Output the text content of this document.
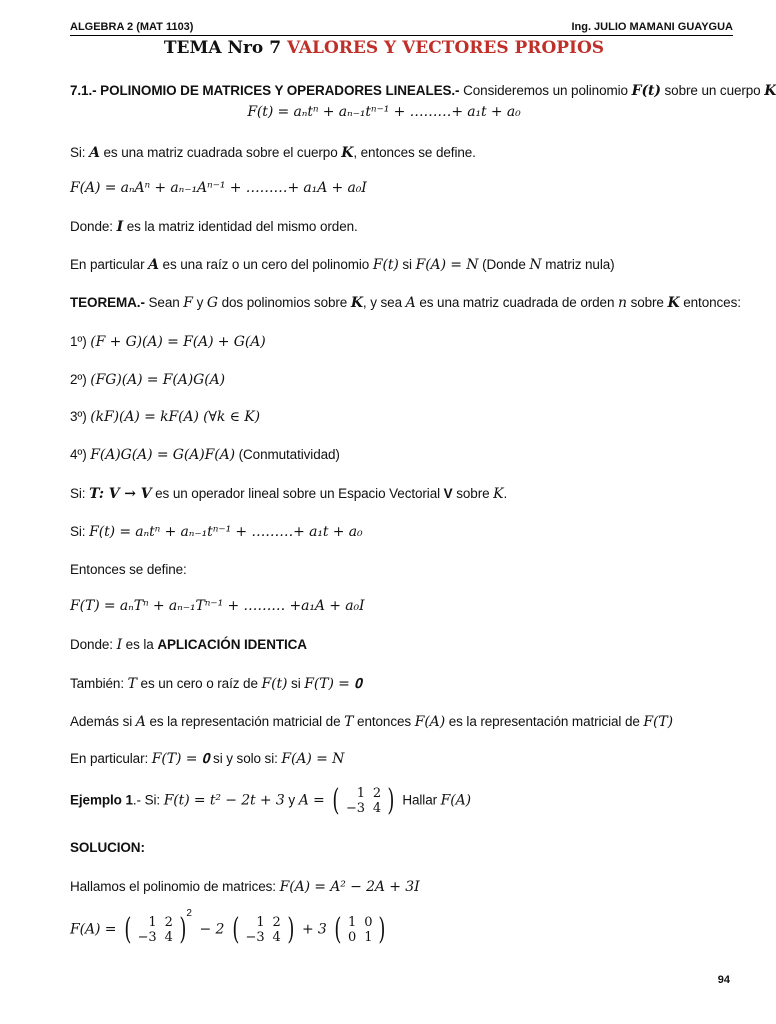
ALGEBRA 2 (MAT 1103)	Ing. JULIO MAMANI GUAYGUA
TEMA Nro 7 VALORES Y VECTORES PROPIOS
7.1.- POLINOMIO DE MATRICES Y OPERADORES LINEALES.- Consideremos un polinomio F(t) sobre un cuerpo K
F(t) = aₙtⁿ + aₙ₋₁tⁿ⁻¹ + ………+ a₁t + a₀
Si: A es una matriz cuadrada sobre el cuerpo K, entonces se define.
F(A) = aₙAⁿ + aₙ₋₁Aⁿ⁻¹ + ………+ a₁A + a₀I
Donde: I es la matriz identidad del mismo orden.
En particular A es una raíz o un cero del polinomio F(t) si F(A) = N (Donde N matriz nula)
TEOREMA.- Sean F y G dos polinomios sobre K, y sea A es una matriz cuadrada de orden n sobre K entonces:
1º) (F + G)(A) = F(A) + G(A)
2º) (FG)(A) = F(A)G(A)
3º) (kF)(A) = kF(A) (∀k ∈ K)
4º) F(A)G(A) = G(A)F(A) (Conmutatividad)
Si: T: V → V es un operador lineal sobre un Espacio Vectorial V sobre K.
Si: F(t) = aₙtⁿ + aₙ₋₁tⁿ⁻¹ + ………+ a₁t + a₀
Entonces se define:
F(T) = aₙTⁿ + aₙ₋₁Tⁿ⁻¹ + ……… +a₁A + a₀I
Donde: I es la APLICACIÓN IDENTICA
También: T es un cero o raíz de F(t) si F(T) = 𝟎
Además si A es la representación matricial de T entonces F(A) es la representación matricial de F(T)
En particular: F(T) = 𝟎 si y solo si: F(A) = N
Ejemplo 1.- Si: F(t) = t² − 2t + 3 y A = ( 1	2
−3	4 ) Hallar F(A)
SOLUCION:
Hallamos el polinomio de matrices: F(A) = A² − 2A + 3I
F(A) = ( 1	2
−3	4 )$^2$ − 2 ( 1	2
−3	4 ) + 3 ( 1	0
0	1 )
94
